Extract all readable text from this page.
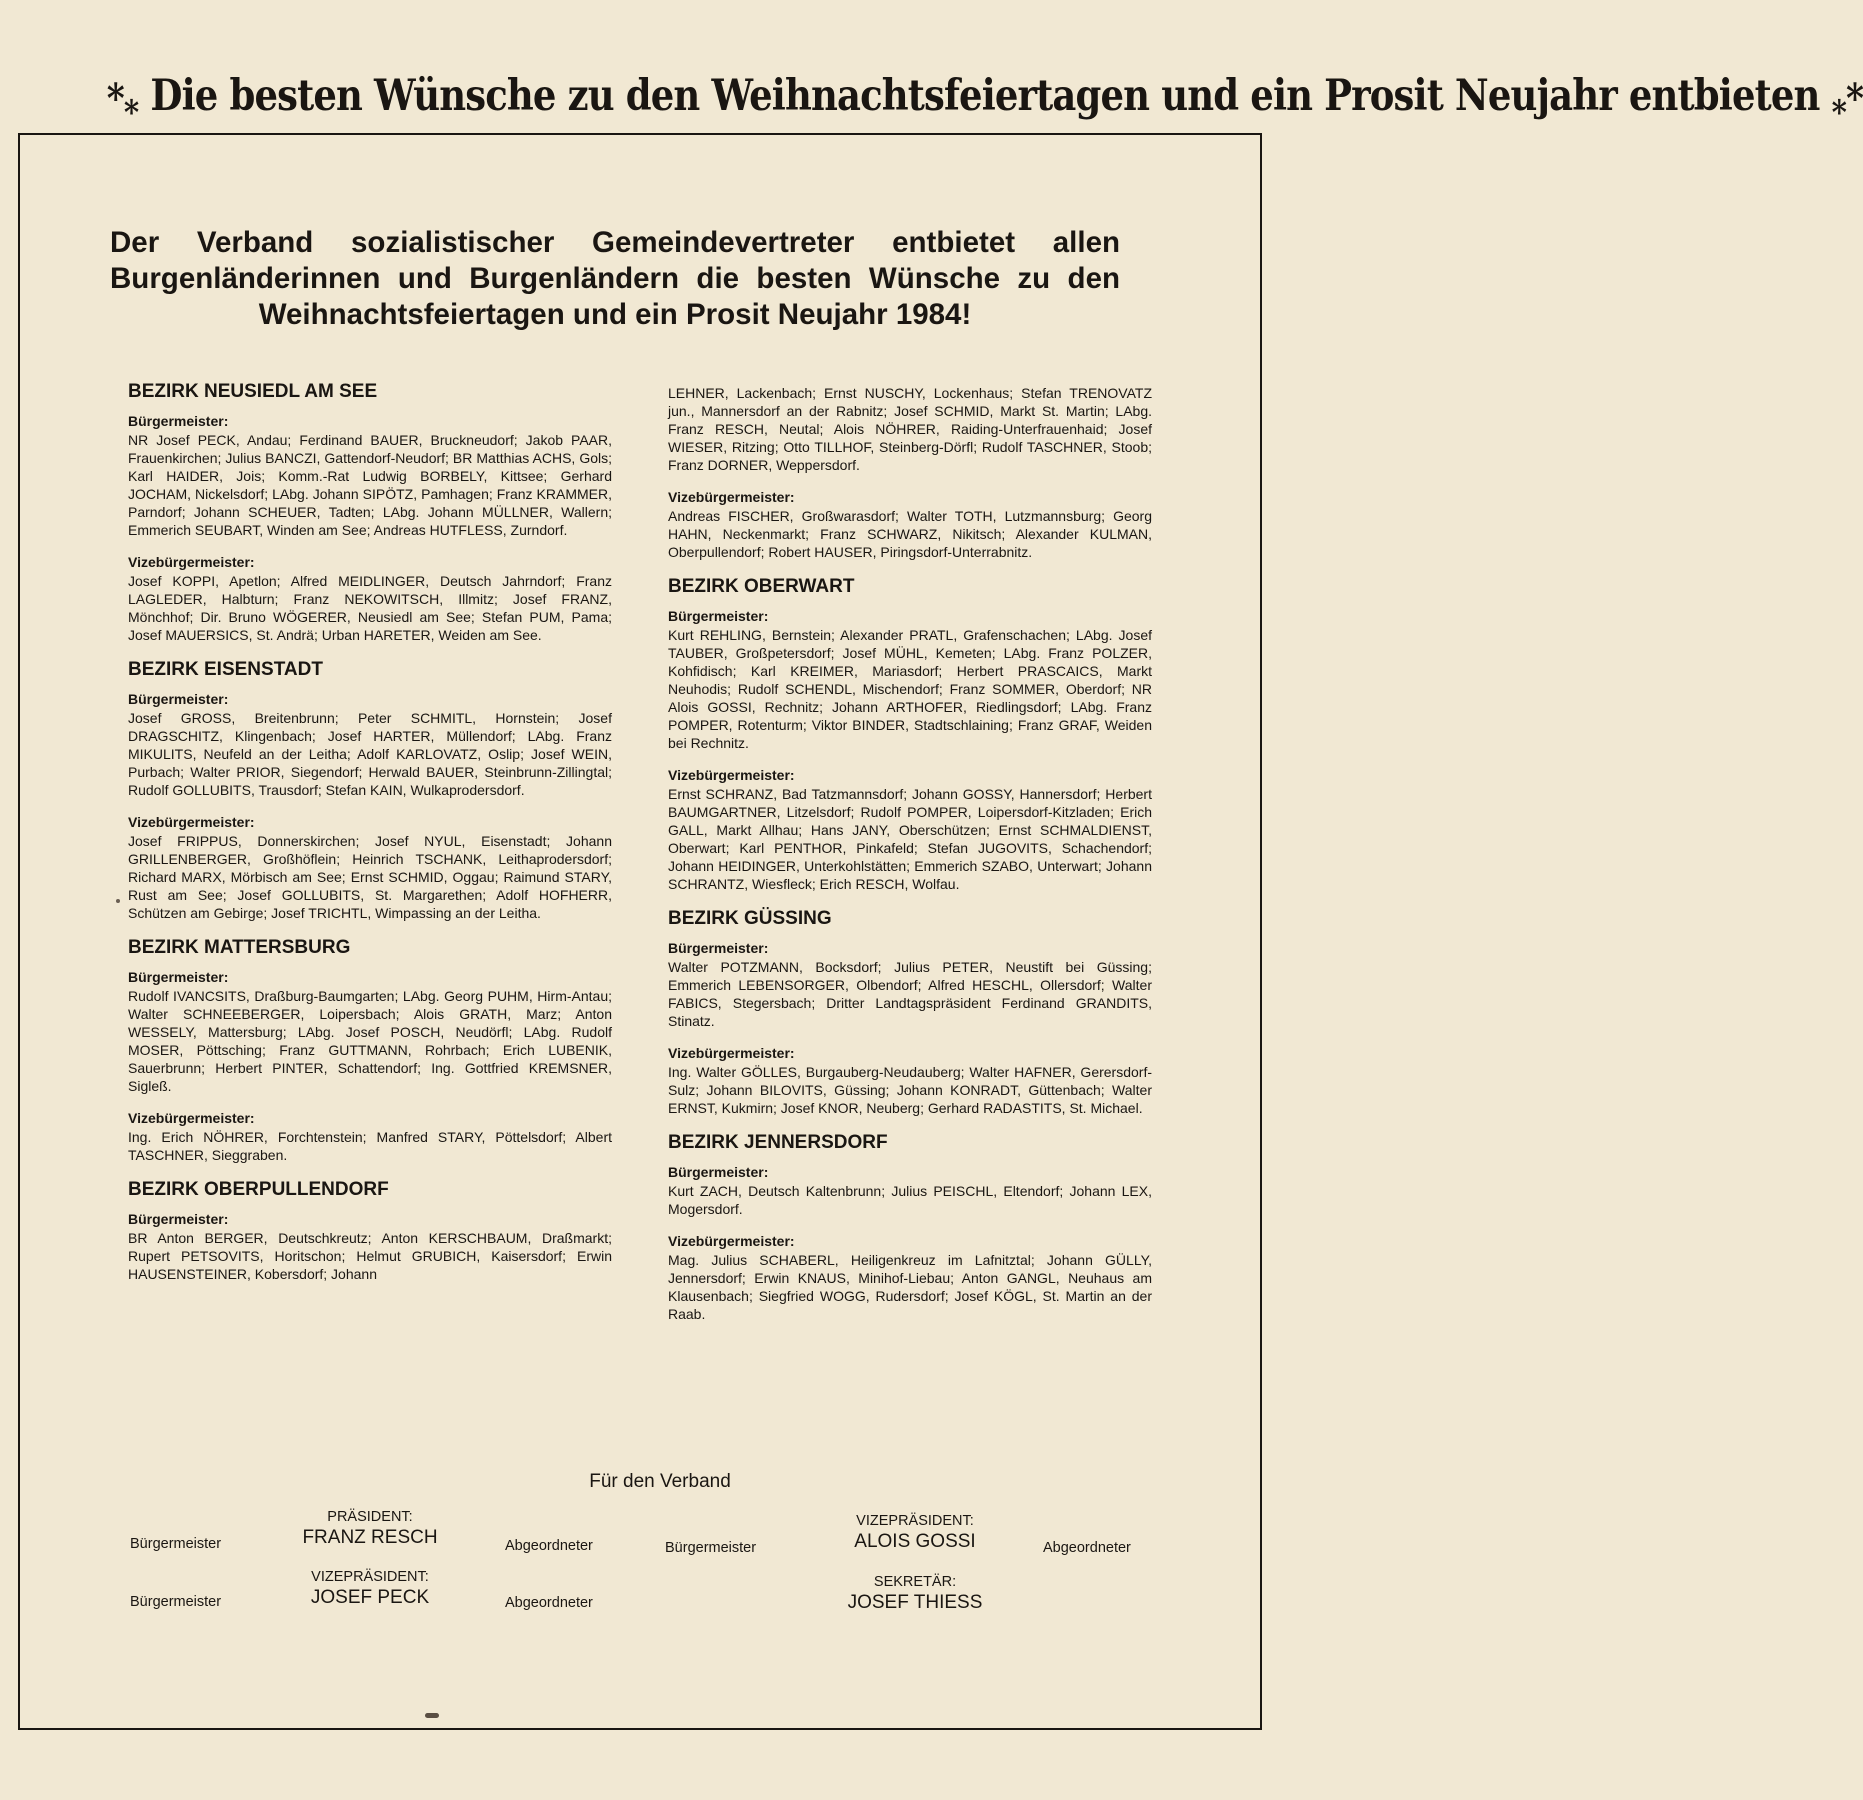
$*_*$ Die besten Wünsche zu den Weihnachtsfeiertagen und ein Prosit Neujahr entbieten $_*$*
Der Verband sozialistischer Gemeindevertreter entbietet allen Burgenländerinnen und Burgenländern die besten Wünsche zu den Weihnachtsfeiertagen und ein Prosit Neujahr 1984!
BEZIRK NEUSIEDL AM SEE
Bürgermeister:
NR Josef PECK, Andau; Ferdinand BAUER, Bruckneudorf; Jakob PAAR, Frauenkirchen; Julius BANCZI, Gattendorf-Neudorf; BR Matthias ACHS, Gols; Karl HAIDER, Jois; Komm.-Rat Ludwig BORBELY, Kittsee; Gerhard JOCHAM, Nickelsdorf; LAbg. Johann SIPÖTZ, Pamhagen; Franz KRAMMER, Parndorf; Johann SCHEUER, Tadten; LAbg. Johann MÜLLNER, Wallern; Emmerich SEUBART, Winden am See; Andreas HUTFLESS, Zurndorf.
Vizebürgermeister:
Josef KOPPI, Apetlon; Alfred MEIDLINGER, Deutsch Jahrndorf; Franz LAGLEDER, Halbturn; Franz NEKOWITSCH, Illmitz; Josef FRANZ, Mönchhof; Dir. Bruno WÖGERER, Neusiedl am See; Stefan PUM, Pama; Josef MAUERSICS, St. Andrä; Urban HARETER, Weiden am See.
BEZIRK EISENSTADT
Bürgermeister:
Josef GROSS, Breitenbrunn; Peter SCHMITL, Hornstein; Josef DRAGSCHITZ, Klingenbach; Josef HARTER, Müllendorf; LAbg. Franz MIKULITS, Neufeld an der Leitha; Adolf KARLOVATZ, Oslip; Josef WEIN, Purbach; Walter PRIOR, Siegendorf; Herwald BAUER, Steinbrunn-Zillingtal; Rudolf GOLLUBITS, Trausdorf; Stefan KAIN, Wulkaprodersdorf.
Vizebürgermeister:
Josef FRIPPUS, Donnerskirchen; Josef NYUL, Eisenstadt; Johann GRILLENBERGER, Großhöflein; Heinrich TSCHANK, Leithaprodersdorf; Richard MARX, Mörbisch am See; Ernst SCHMID, Oggau; Raimund STARY, Rust am See; Josef GOLLUBITS, St. Margarethen; Adolf HOFHERR, Schützen am Gebirge; Josef TRICHTL, Wimpassing an der Leitha.
BEZIRK MATTERSBURG
Bürgermeister:
Rudolf IVANCSITS, Draßburg-Baumgarten; LAbg. Georg PUHM, Hirm-Antau; Walter SCHNEEBERGER, Loipersbach; Alois GRATH, Marz; Anton WESSELY, Mattersburg; LAbg. Josef POSCH, Neudörfl; LAbg. Rudolf MOSER, Pöttsching; Franz GUTTMANN, Rohrbach; Erich LUBENIK, Sauerbrunn; Herbert PINTER, Schattendorf; Ing. Gottfried KREMSNER, Sigleß.
Vizebürgermeister:
Ing. Erich NÖHRER, Forchtenstein; Manfred STARY, Pöttelsdorf; Albert TASCHNER, Sieggraben.
BEZIRK OBERPULLENDORF
Bürgermeister:
BR Anton BERGER, Deutschkreutz; Anton KERSCHBAUM, Draßmarkt; Rupert PETSOVITS, Horitschon; Helmut GRUBICH, Kaisersdorf; Erwin HAUSENSTEINER, Kobersdorf; Johann
LEHNER, Lackenbach; Ernst NUSCHY, Lockenhaus; Stefan TRENOVATZ jun., Mannersdorf an der Rabnitz; Josef SCHMID, Markt St. Martin; LAbg. Franz RESCH, Neutal; Alois NÖHRER, Raiding-Unterfrauenhaid; Josef WIESER, Ritzing; Otto TILLHOF, Steinberg-Dörfl; Rudolf TASCHNER, Stoob; Franz DORNER, Weppersdorf.
Vizebürgermeister:
Andreas FISCHER, Großwarasdorf; Walter TOTH, Lutzmannsburg; Georg HAHN, Neckenmarkt; Franz SCHWARZ, Nikitsch; Alexander KULMAN, Oberpullendorf; Robert HAUSER, Piringsdorf-Unterrabnitz.
BEZIRK OBERWART
Bürgermeister:
Kurt REHLING, Bernstein; Alexander PRATL, Grafenschachen; LAbg. Josef TAUBER, Großpetersdorf; Josef MÜHL, Kemeten; LAbg. Franz POLZER, Kohfidisch; Karl KREIMER, Mariasdorf; Herbert PRASCAICS, Markt Neuhodis; Rudolf SCHENDL, Mischendorf; Franz SOMMER, Oberdorf; NR Alois GOSSI, Rechnitz; Johann ARTHOFER, Riedlingsdorf; LAbg. Franz POMPER, Rotenturm; Viktor BINDER, Stadtschlaining; Franz GRAF, Weiden bei Rechnitz.
Vizebürgermeister:
Ernst SCHRANZ, Bad Tatzmannsdorf; Johann GOSSY, Hannersdorf; Herbert BAUMGARTNER, Litzelsdorf; Rudolf POMPER, Loipersdorf-Kitzladen; Erich GALL, Markt Allhau; Hans JANY, Oberschützen; Ernst SCHMALDIENST, Oberwart; Karl PENTHOR, Pinkafeld; Stefan JUGOVITS, Schachendorf; Johann HEIDINGER, Unterkohlstätten; Emmerich SZABO, Unterwart; Johann SCHRANTZ, Wiesfleck; Erich RESCH, Wolfau.
BEZIRK GÜSSING
Bürgermeister:
Walter POTZMANN, Bocksdorf; Julius PETER, Neustift bei Güssing; Emmerich LEBENSORGER, Olbendorf; Alfred HESCHL, Ollersdorf; Walter FABICS, Stegersbach; Dritter Landtagspräsident Ferdinand GRANDITS, Stinatz.
Vizebürgermeister:
Ing. Walter GÖLLES, Burgauberg-Neudauberg; Walter HAFNER, Gerersdorf-Sulz; Johann BILOVITS, Güssing; Johann KONRADT, Güttenbach; Walter ERNST, Kukmirn; Josef KNOR, Neuberg; Gerhard RADASTITS, St. Michael.
BEZIRK JENNERSDORF
Bürgermeister:
Kurt ZACH, Deutsch Kaltenbrunn; Julius PEISCHL, Eltendorf; Johann LEX, Mogersdorf.
Vizebürgermeister:
Mag. Julius SCHABERL, Heiligenkreuz im Lafnitztal; Johann GÜLLY, Jennersdorf; Erwin KNAUS, Minihof-Liebau; Anton GANGL, Neuhaus am Klausenbach; Siegfried WOGG, Rudersdorf; Josef KÖGL, St. Martin an der Raab.
Für den Verband
Bürgermeister
PRÄSIDENT:
FRANZ RESCH	Abgeordneter	Bürgermeister
VIZEPRÄSIDENT:
ALOIS GOSSI	Abgeordneter
Bürgermeister
VIZEPRÄSIDENT:
JOSEF PECK	Abgeordneter
SEKRETÄR:
JOSEF THIESS
